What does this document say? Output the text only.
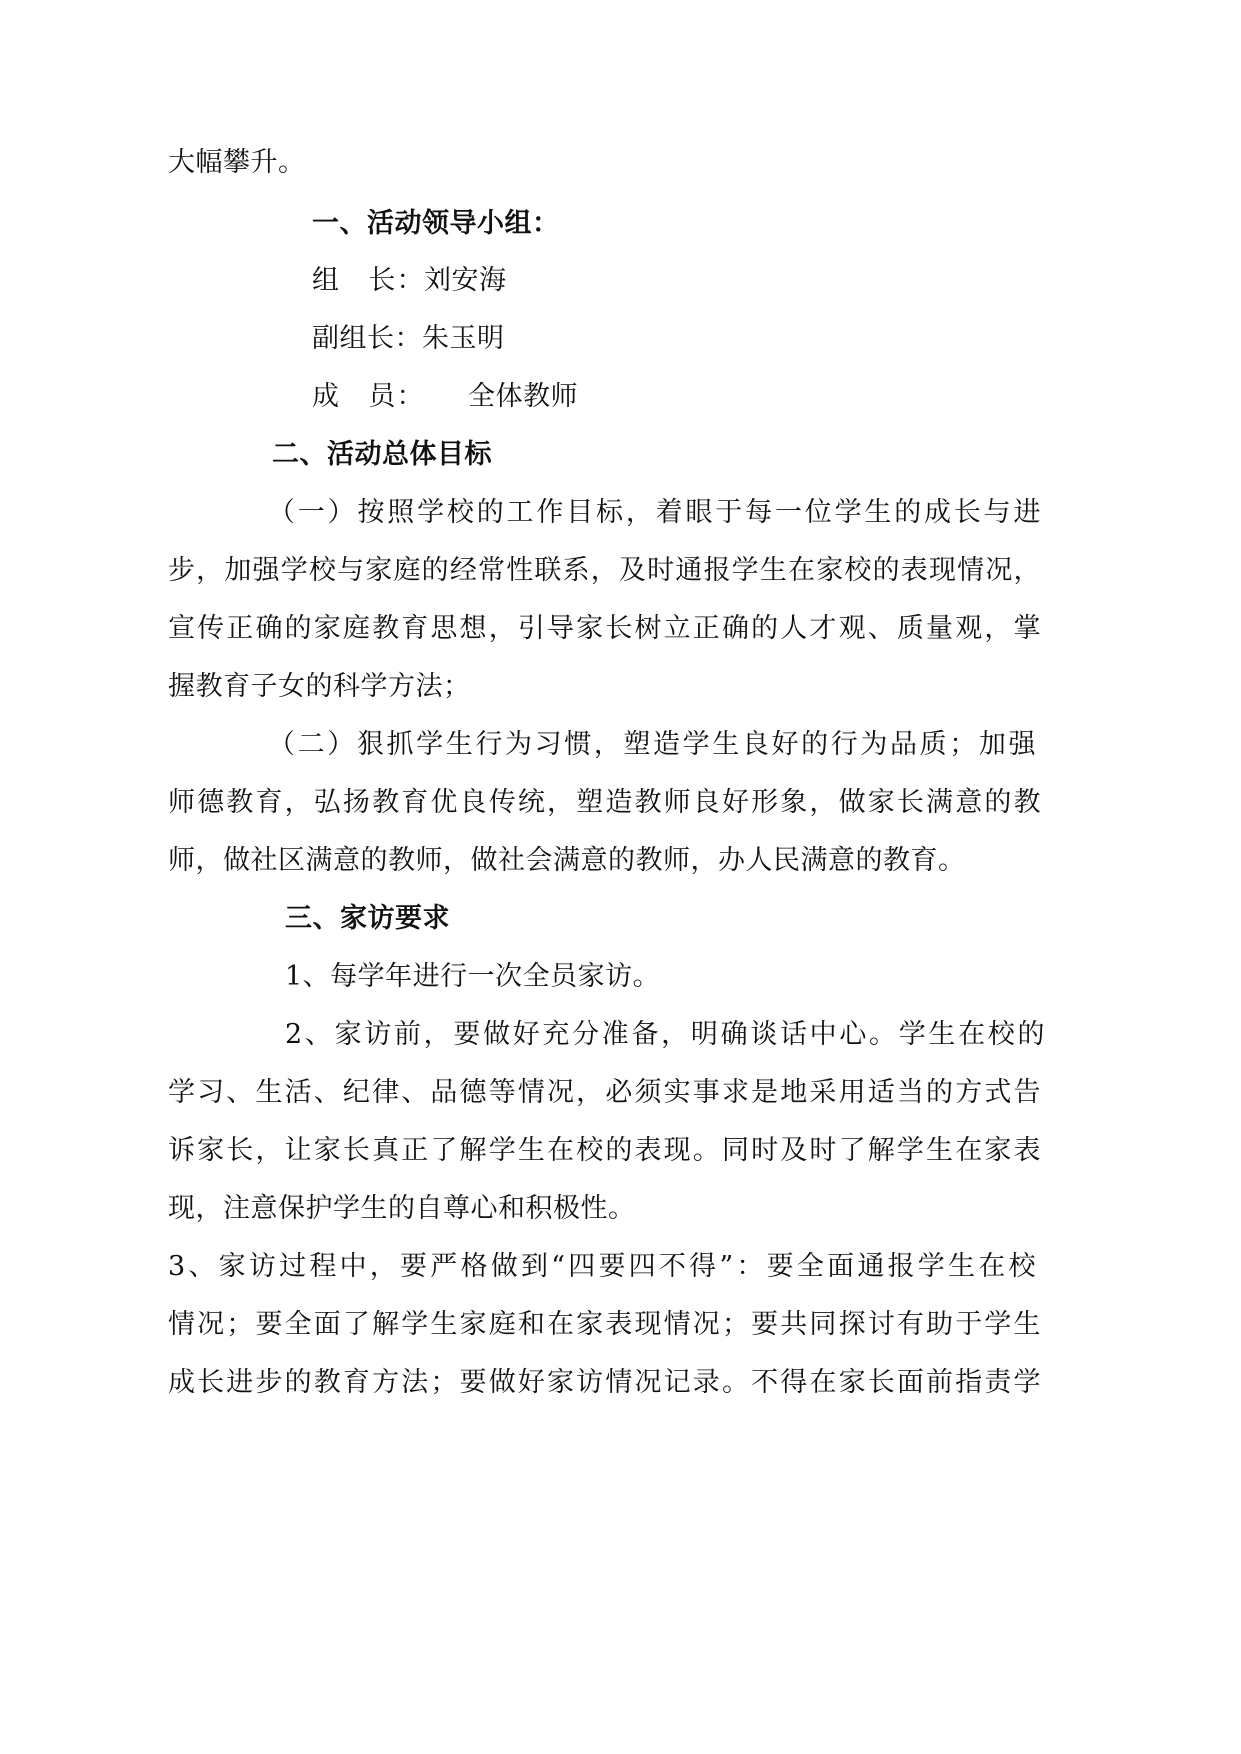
大幅攀升。
一、活动领导小组：
组　长：刘安海
副组长：朱玉明
成　员： 全体教师
二、活动总体目标
（一）按照学校的工作目标，着眼于每一位学生的成长与进
步，加强学校与家庭的经常性联系，及时通报学生在家校的表现情况，
宣传正确的家庭教育思想，引导家长树立正确的人才观、质量观，掌
握教育子女的科学方法；
（二）狠抓学生行为习惯，塑造学生良好的行为品质；加强
师德教育，弘扬教育优良传统，塑造教师良好形象，做家长满意的教
师，做社区满意的教师，做社会满意的教师，办人民满意的教育。
三、家访要求
1、每学年进行一次全员家访。
2、家访前，要做好充分准备，明确谈话中心。学生在校的
学习、生活、纪律、品德等情况，必须实事求是地采用适当的方式告
诉家长，让家长真正了解学生在校的表现。同时及时了解学生在家表
现，注意保护学生的自尊心和积极性。
3、家访过程中，要严格做到“四要四不得”：要全面通报学生在校
情况；要全面了解学生家庭和在家表现情况；要共同探讨有助于学生
成长进步的教育方法；要做好家访情况记录。不得在家长面前指责学
